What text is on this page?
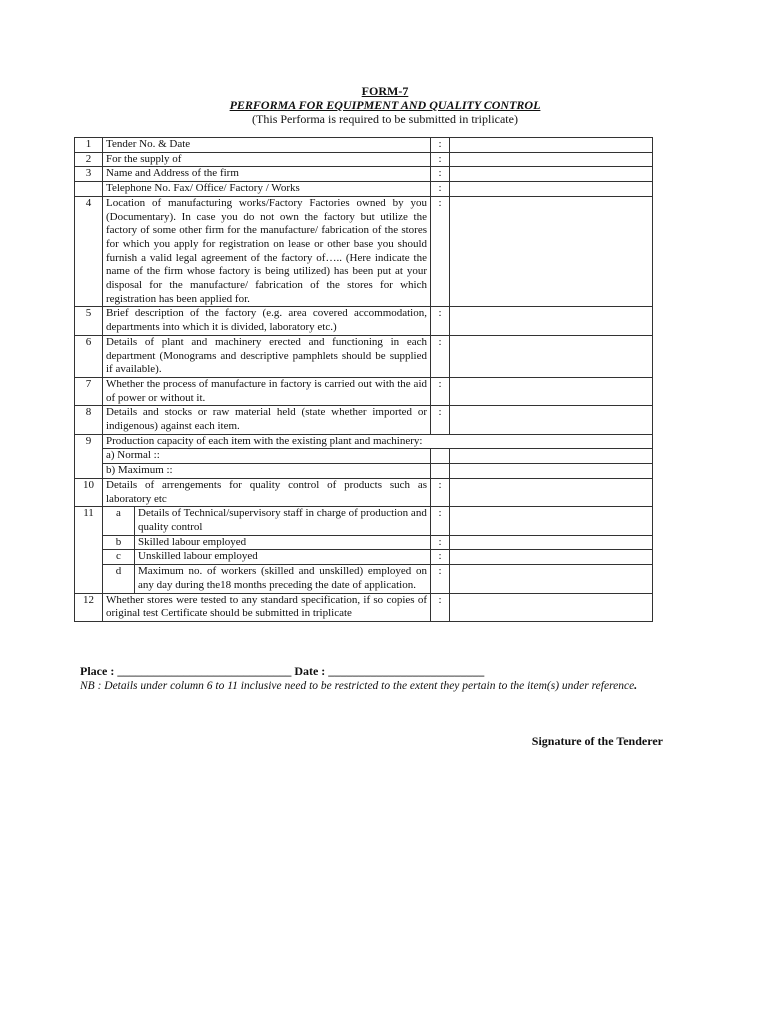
FORM-7
PERFORMA FOR EQUIPMENT AND QUALITY CONTROL
(This Performa is required to be submitted in triplicate)
1	Tender No. & Date		:	
2	For the supply of		:	
3	Name and Address of the firm		:	
	Telephone No. Fax/ Office/ Factory / Works		:	
4	Location of manufacturing works/Factory Factories owned by you (Documentary). In case you do not own the factory but utilize the factory of some other firm for the manufacture/ fabrication of the stores for which you apply for registration on lease or other base you should furnish a valid legal agreement of the factory of….. (Here indicate the name of the firm whose factory is being utilized) has been put at your disposal for the manufacture/ fabrication of the stores for which registration has been applied for.		:	
5	Brief description of the factory (e.g. area covered accommodation, departments into which it is divided, laboratory etc.)		:	
6	Details of plant and machinery erected and functioning in each department (Monograms and descriptive pamphlets should be supplied if available).		:	
7	Whether the process of manufacture in factory is carried out with the aid of power or without it.		:	
8	Details and stocks or raw material held (state whether imported or indigenous) against each item.		:	
9	Production capacity of each item with the existing plant and machinery:			
	a) Normal ::			
	b) Maximum ::			
10	Details of arrengements for quality control of products such as laboratory etc		:	
11	a	Details of Technical/supervisory staff in charge of production and quality control	:	
	b	Skilled labour employed	:	
	c	Unskilled labour employed	:	
	d	Maximum no. of workers (skilled and unskilled) employed on any day during the18 months preceding the date of application.	:	
12	Whether stores were tested to any standard specification, if so copies of original test Certificate should be submitted in triplicate		:	
Place : _____________________________ Date : __________________________
NB : Details under column 6 to 11 inclusive need to be restricted to the extent they pertain to the item(s) under reference.
Signature of the Tenderer
